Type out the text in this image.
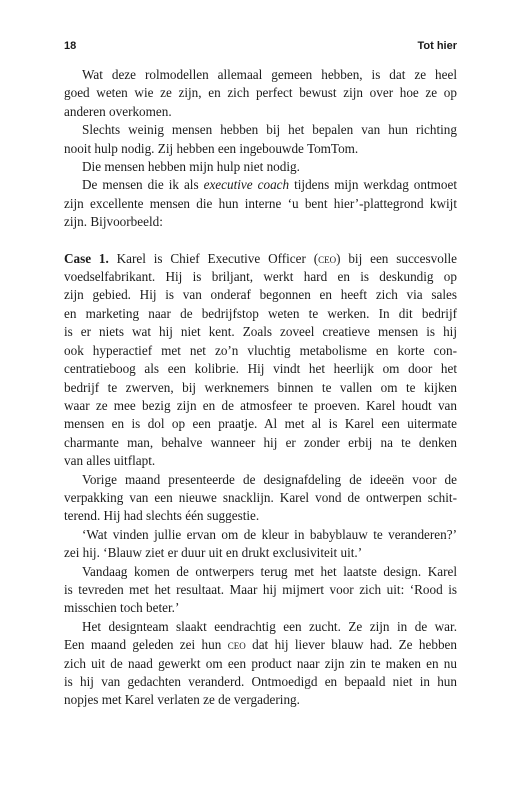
18	Tot hier

Wat deze rolmodellen allemaal gemeen hebben, is dat ze heel
goed weten wie ze zijn, en zich perfect bewust zijn over hoe ze op
anderen overkomen.

Slechts weinig mensen hebben bij het bepalen van hun richting
nooit hulp nodig. Zij hebben een ingebouwde TomTom.

Die mensen hebben mijn hulp niet nodig.

De mensen die ik als executive coach tijdens mijn werkdag ontmoet
zijn excellente mensen die hun interne ‘u bent hier’-plattegrond kwijt
zijn. Bijvoorbeeld:

Case 1. Karel is Chief Executive Officer (ceo) bij een succesvolle
voedselfabrikant. Hij is briljant, werkt hard en is deskundig op
zijn gebied. Hij is van onderaf begonnen en heeft zich via sales
en marketing naar de bedrijfstop weten te werken. In dit bedrijf
is er niets wat hij niet kent. Zoals zoveel creatieve mensen is hij
ook hyperactief met net zo’n vluchtig metabolisme en korte con-
centratieboog als een kolibrie. Hij vindt het heerlijk om door het
bedrijf te zwerven, bij werknemers binnen te vallen om te kijken
waar ze mee bezig zijn en de atmosfeer te proeven. Karel houdt van
mensen en is dol op een praatje. Al met al is Karel een uitermate
charmante man, behalve wanneer hij er zonder erbij na te denken
van alles uitflapt.

Vorige maand presenteerde de designafdeling de ideeën voor de
verpakking van een nieuwe snacklijn. Karel vond de ontwerpen schit-
terend. Hij had slechts één suggestie.

‘Wat vinden jullie ervan om de kleur in babyblauw te veranderen?’
zei hij. ‘Blauw ziet er duur uit en drukt exclusiviteit uit.’

Vandaag komen de ontwerpers terug met het laatste design. Karel
is tevreden met het resultaat. Maar hij mijmert voor zich uit: ‘Rood is
misschien toch beter.’

Het designteam slaakt eendrachtig een zucht. Ze zijn in de war.
Een maand geleden zei hun ceo dat hij liever blauw had. Ze hebben
zich uit de naad gewerkt om een product naar zijn zin te maken en nu
is hij van gedachten veranderd. Ontmoedigd en bepaald niet in hun
nopjes met Karel verlaten ze de vergadering.
